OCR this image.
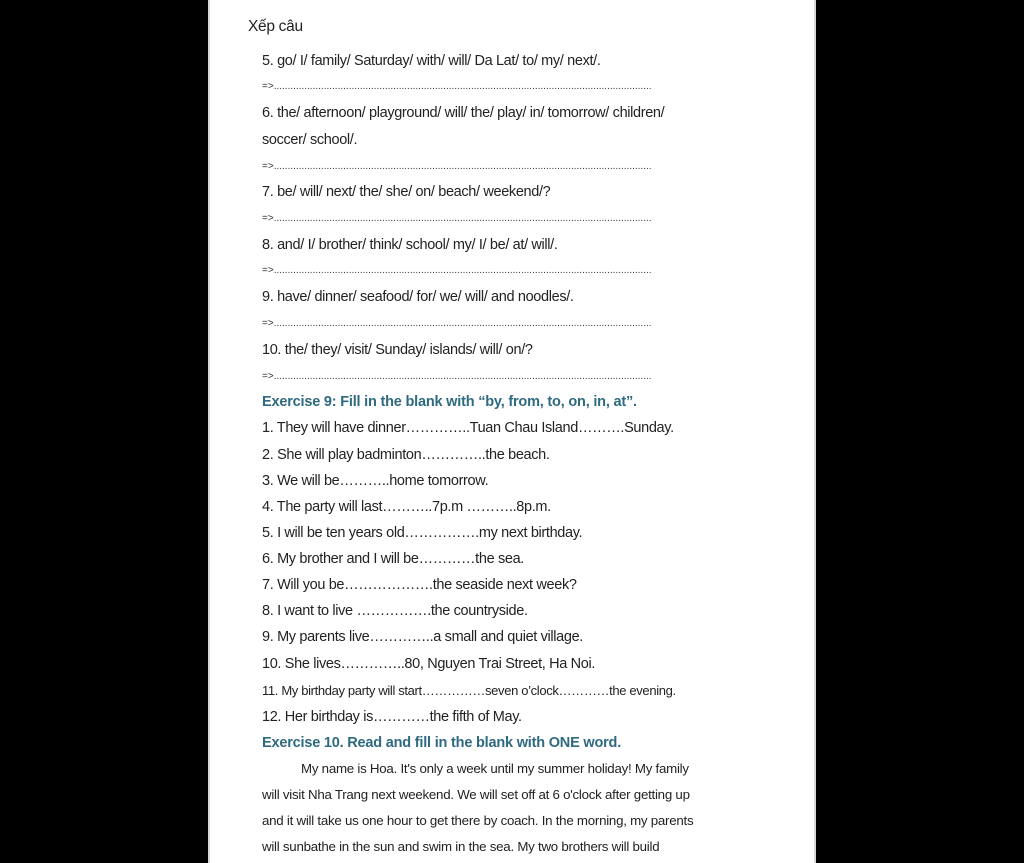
Xếp câu
5. go/ I/ family/ Saturday/ with/ will/ Da Lat/ to/ my/ next/.
=>........................................................................................................................................
6. the/ afternoon/ playground/ will/ the/ play/ in/ tomorrow/ children/
soccer/ school/.
=>........................................................................................................................................
7. be/ will/ next/ the/ she/ on/ beach/ weekend/?
=>........................................................................................................................................
8. and/ I/ brother/ think/ school/ my/ I/ be/ at/ will/.
=>........................................................................................................................................
9. have/ dinner/ seafood/ for/ we/ will/ and noodles/.
=>........................................................................................................................................
10. the/ they/ visit/ Sunday/ islands/ will/ on/?
=>........................................................................................................................................
Exercise 9: Fill in the blank with “by, from, to, on, in, at”.
1. They will have dinner…………..Tuan Chau Island……….Sunday.
2. She will play badminton…………..the beach.
3. We will be………..home tomorrow.
4. The party will last………..7p.m ………..8p.m.
5. I will be ten years old…………….my next birthday.
6. My brother and I will be…………the sea.
7. Will you be……………….the seaside next week?
8. I want to live …………….the countryside.
9. My parents live…………..a small and quiet village.
10. She lives…………..80, Nguyen Trai Street, Ha Noi.
11. My birthday party will start……………seven o’clock…………the evening.
12. Her birthday is…………the fifth of May.
Exercise 10. Read and fill in the blank with ONE word.
My name is Hoa. It's only a week until my summer holiday! My family
will visit Nha Trang next weekend. We will set off at 6 o'clock after getting up
and it will take us one hour to get there by coach. In the morning, my parents
will sunbathe in the sun and swim in the sea. My two brothers will build
